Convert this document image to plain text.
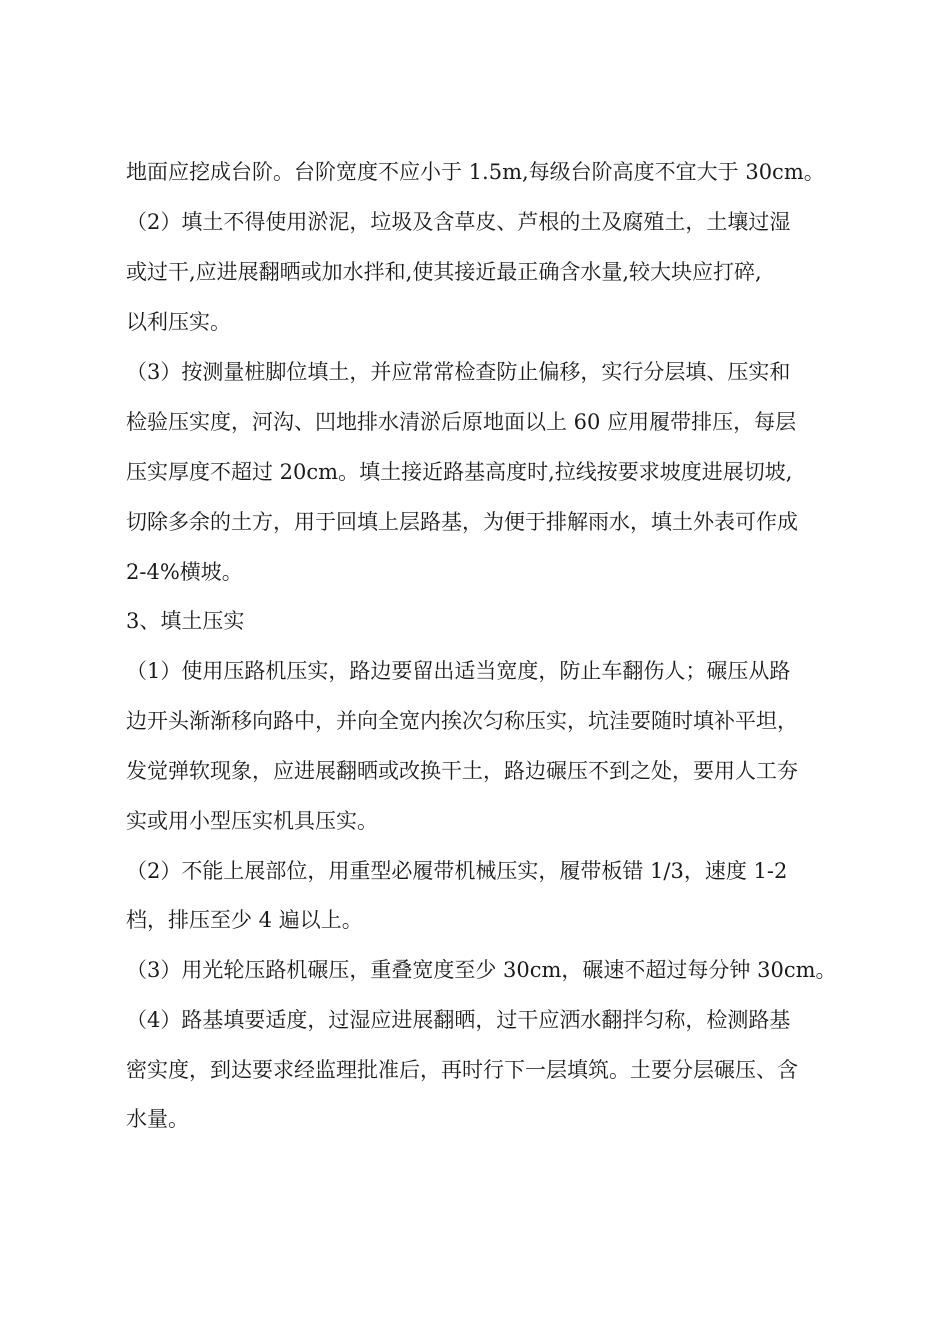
地面应挖成台阶。台阶宽度不应小于 1.5m,每级台阶高度不宜大于 30cm。
（2）填土不得使用淤泥，垃圾及含草皮、芦根的土及腐殖土，土壤过湿
或过干,应进展翻晒或加水拌和,使其接近最正确含水量,较大块应打碎,
以利压实。
（3）按测量桩脚位填土，并应常常检查防止偏移，实行分层填、压实和
检验压实度，河沟、凹地排水清淤后原地面以上 60 应用履带排压，每层
压实厚度不超过 20cm。填土接近路基高度时,拉线按要求坡度进展切坡,
切除多余的土方，用于回填上层路基，为便于排解雨水，填土外表可作成
2-4%横坡。
3、填土压实
（1）使用压路机压实，路边要留出适当宽度，防止车翻伤人；碾压从路
边开头渐渐移向路中，并向全宽内挨次匀称压实，坑洼要随时填补平坦，
发觉弹软现象，应进展翻晒或改换干土，路边碾压不到之处，要用人工夯
实或用小型压实机具压实。
（2）不能上展部位，用重型必履带机械压实，履带板错 1/3，速度 1-2
档，排压至少 4 遍以上。
（3）用光轮压路机碾压，重叠宽度至少 30cm，碾速不超过每分钟 30cm。
（4）路基填要适度，过湿应进展翻晒，过干应洒水翻拌匀称，检测路基
密实度，到达要求经监理批准后，再时行下一层填筑。土要分层碾压、含
水量。
